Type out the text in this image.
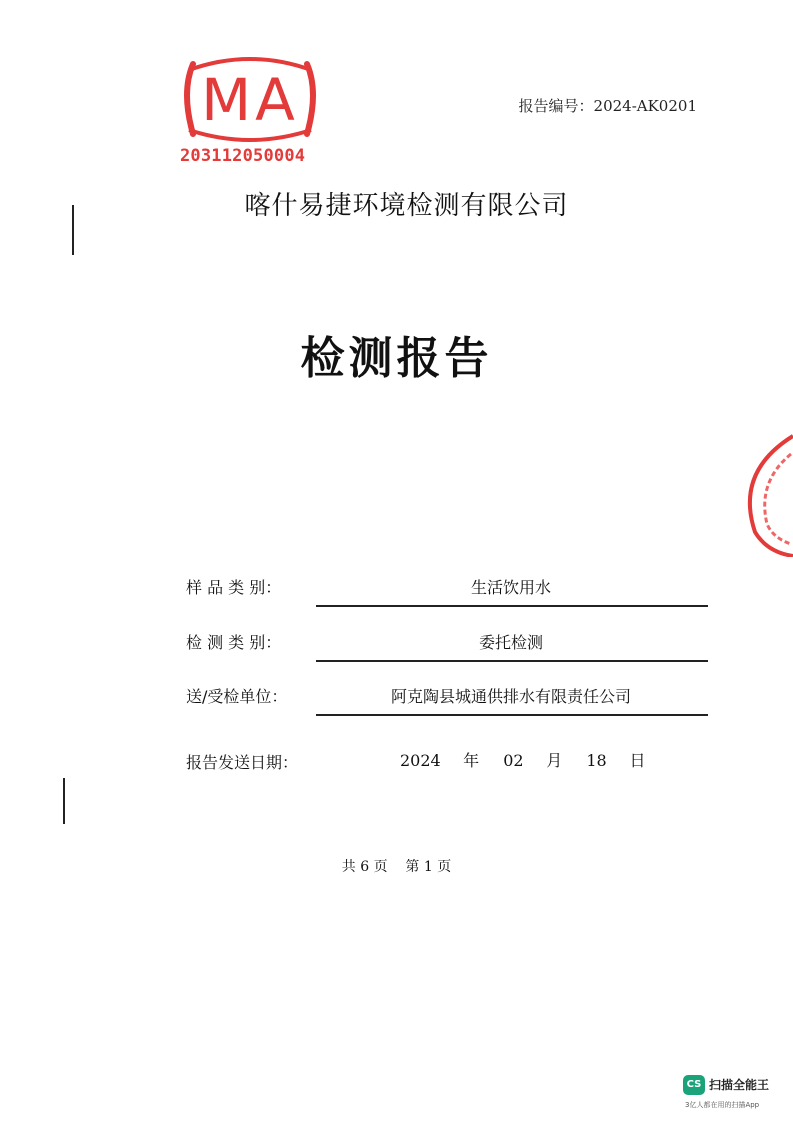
MA
203112050004
报告编号：2024-AK0201
喀什易捷环境检测有限公司
检测报告
样 品 类 别：	生活饮用水
检 测 类 别：	委托检测
送/受检单位：	阿克陶县城通供排水有限责任公司
报告发送日期：	2024 年 02 月 18 日
共 6 页 第 1 页
CS 扫描全能王
3亿人都在用的扫描App
